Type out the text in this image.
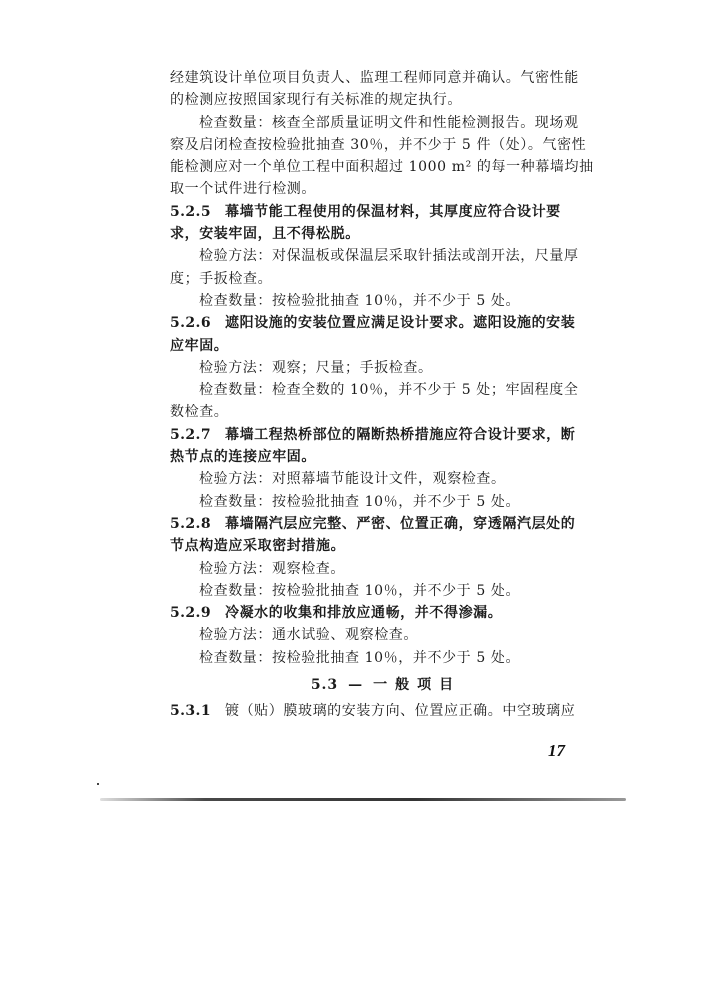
经建筑设计单位项目负责人、监理工程师同意并确认。气密性能
的检测应按照国家现行有关标准的规定执行。
检查数量：核查全部质量证明文件和性能检测报告。现场观
察及启闭检查按检验批抽查 30％，并不少于 5 件（处）。气密性
能检测应对一个单位工程中面积超过 1000 m² 的每一种幕墙均抽
取一个试件进行检测。
5.2.5 幕墙节能工程使用的保温材料，其厚度应符合设计要
求，安装牢固，且不得松脱。
检验方法：对保温板或保温层采取针插法或剖开法，尺量厚
度；手扳检查。
检查数量：按检验批抽查 10％，并不少于 5 处。
5.2.6 遮阳设施的安装位置应满足设计要求。遮阳设施的安装
应牢固。
检验方法：观察；尺量；手扳检查。
检查数量：检查全数的 10％，并不少于 5 处；牢固程度全
数检查。
5.2.7 幕墙工程热桥部位的隔断热桥措施应符合设计要求，断
热节点的连接应牢固。
检验方法：对照幕墙节能设计文件，观察检查。
检查数量：按检验批抽查 10％，并不少于 5 处。
5.2.8 幕墙隔汽层应完整、严密、位置正确，穿透隔汽层处的
节点构造应采取密封措施。
检验方法：观察检查。
检查数量：按检验批抽查 10％，并不少于 5 处。
5.2.9 冷凝水的收集和排放应通畅，并不得渗漏。
检验方法：通水试验、观察检查。
检查数量：按检验批抽查 10％，并不少于 5 处。
5.3 — 一般项目
5.3.1 镀（贴）膜玻璃的安装方向、位置应正确。中空玻璃应
17
